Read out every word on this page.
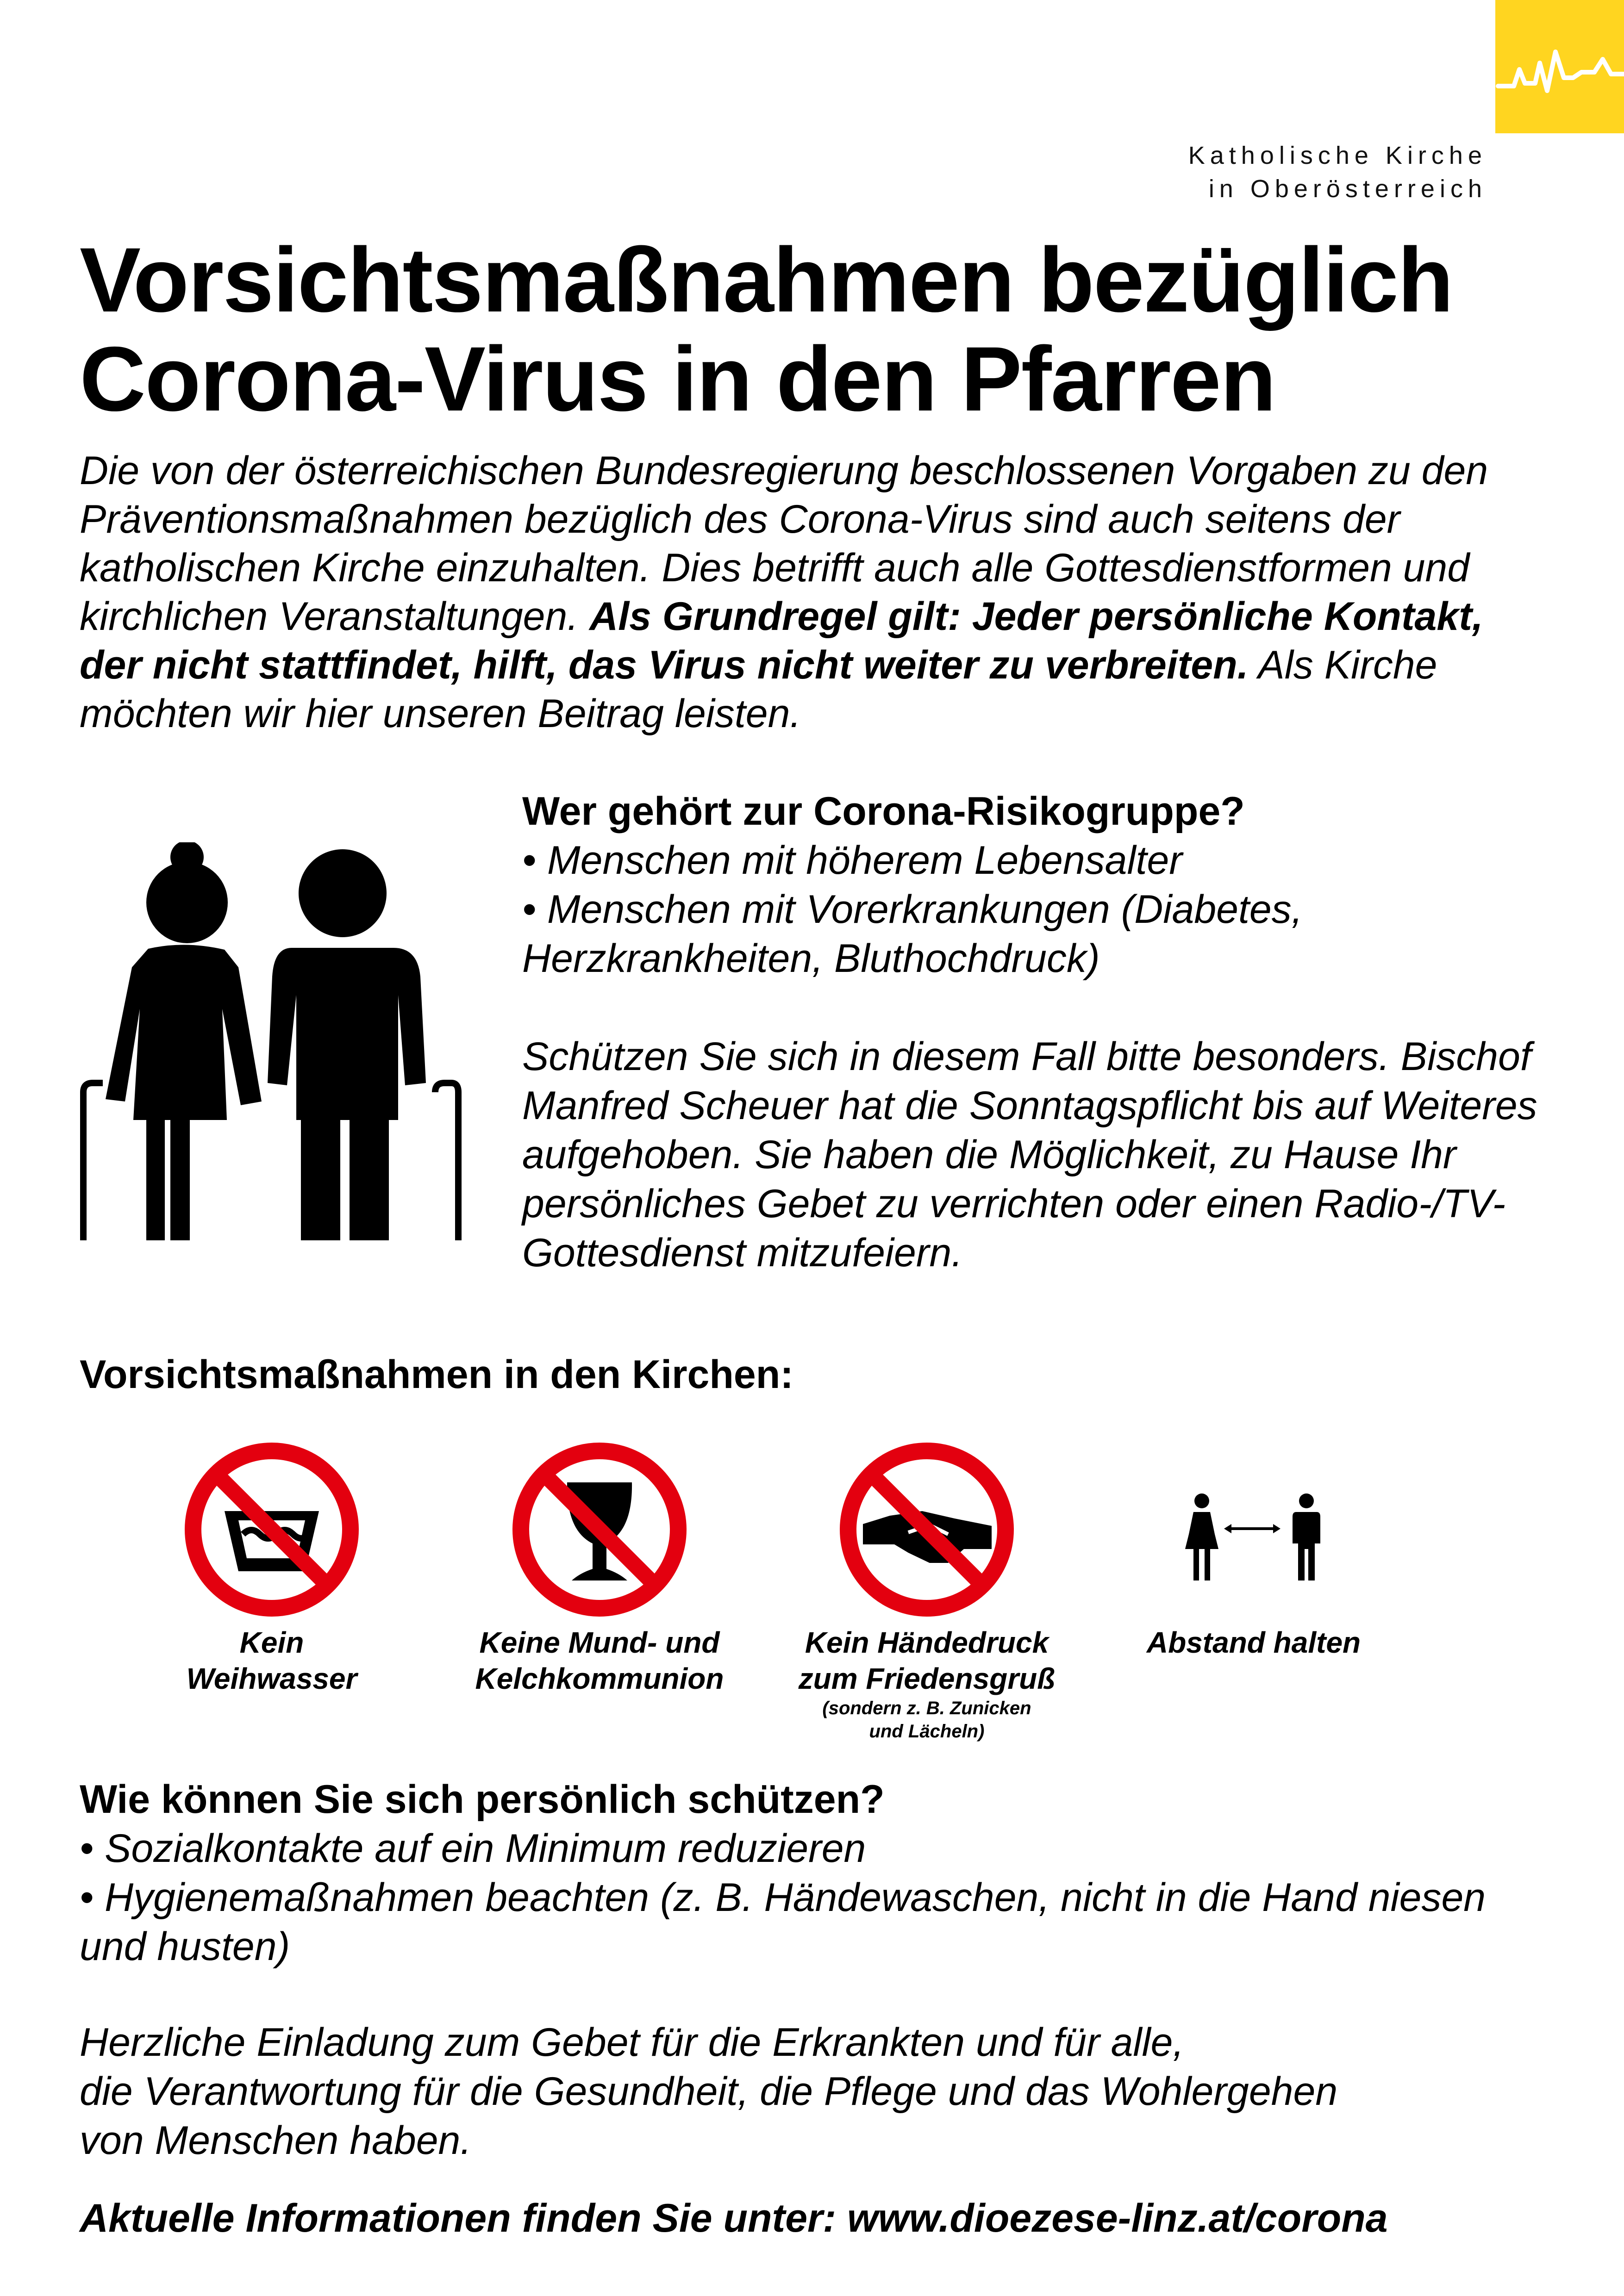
Katholische Kirche
in Oberösterreich
Vorsichtsmaßnahmen bezüglich
Corona-Virus in den Pfarren
Die von der österreichischen Bundesregierung beschlossenen Vorgaben zu den Präventionsmaßnahmen bezüglich des Corona-Virus sind auch seitens der katholischen Kirche einzuhalten. Dies betrifft auch alle Gottesdienstformen und kirchlichen Veranstaltungen. Als Grundregel gilt: Jeder persönliche Kontakt, der nicht stattfindet, hilft, das Virus nicht weiter zu verbreiten. Als Kirche möchten wir hier unseren Beitrag leisten.
Wer gehört zur Corona-Risikogruppe?
• Menschen mit höherem Lebensalter
• Menschen mit Vorerkrankungen (Diabetes, Herzkrankheiten, Bluthochdruck)
Schützen Sie sich in diesem Fall bitte besonders. Bischof Manfred Scheuer hat die Sonntagspflicht bis auf Weiteres aufgehoben. Sie haben die Möglichkeit, zu Hause Ihr persönliches Gebet zu verrichten oder einen Radio-/TV-Gottesdienst mitzufeiern.
Vorsichtsmaßnahmen in den Kirchen:
Kein
Weihwasser
Keine Mund- und
Kelchkommunion
Kein Händedruck
zum Friedensgruß
(sondern z. B. Zunicken
und Lächeln)
Abstand halten
Wie können Sie sich persönlich schützen?
• Sozialkontakte auf ein Minimum reduzieren
• Hygienemaßnahmen beachten (z. B. Händewaschen, nicht in die Hand niesen und husten)
Herzliche Einladung zum Gebet für die Erkrankten und für alle,
die Verantwortung für die Gesundheit, die Pflege und das Wohlergehen
von Menschen haben.
Aktuelle Informationen finden Sie unter: www.dioezese-linz.at/corona
